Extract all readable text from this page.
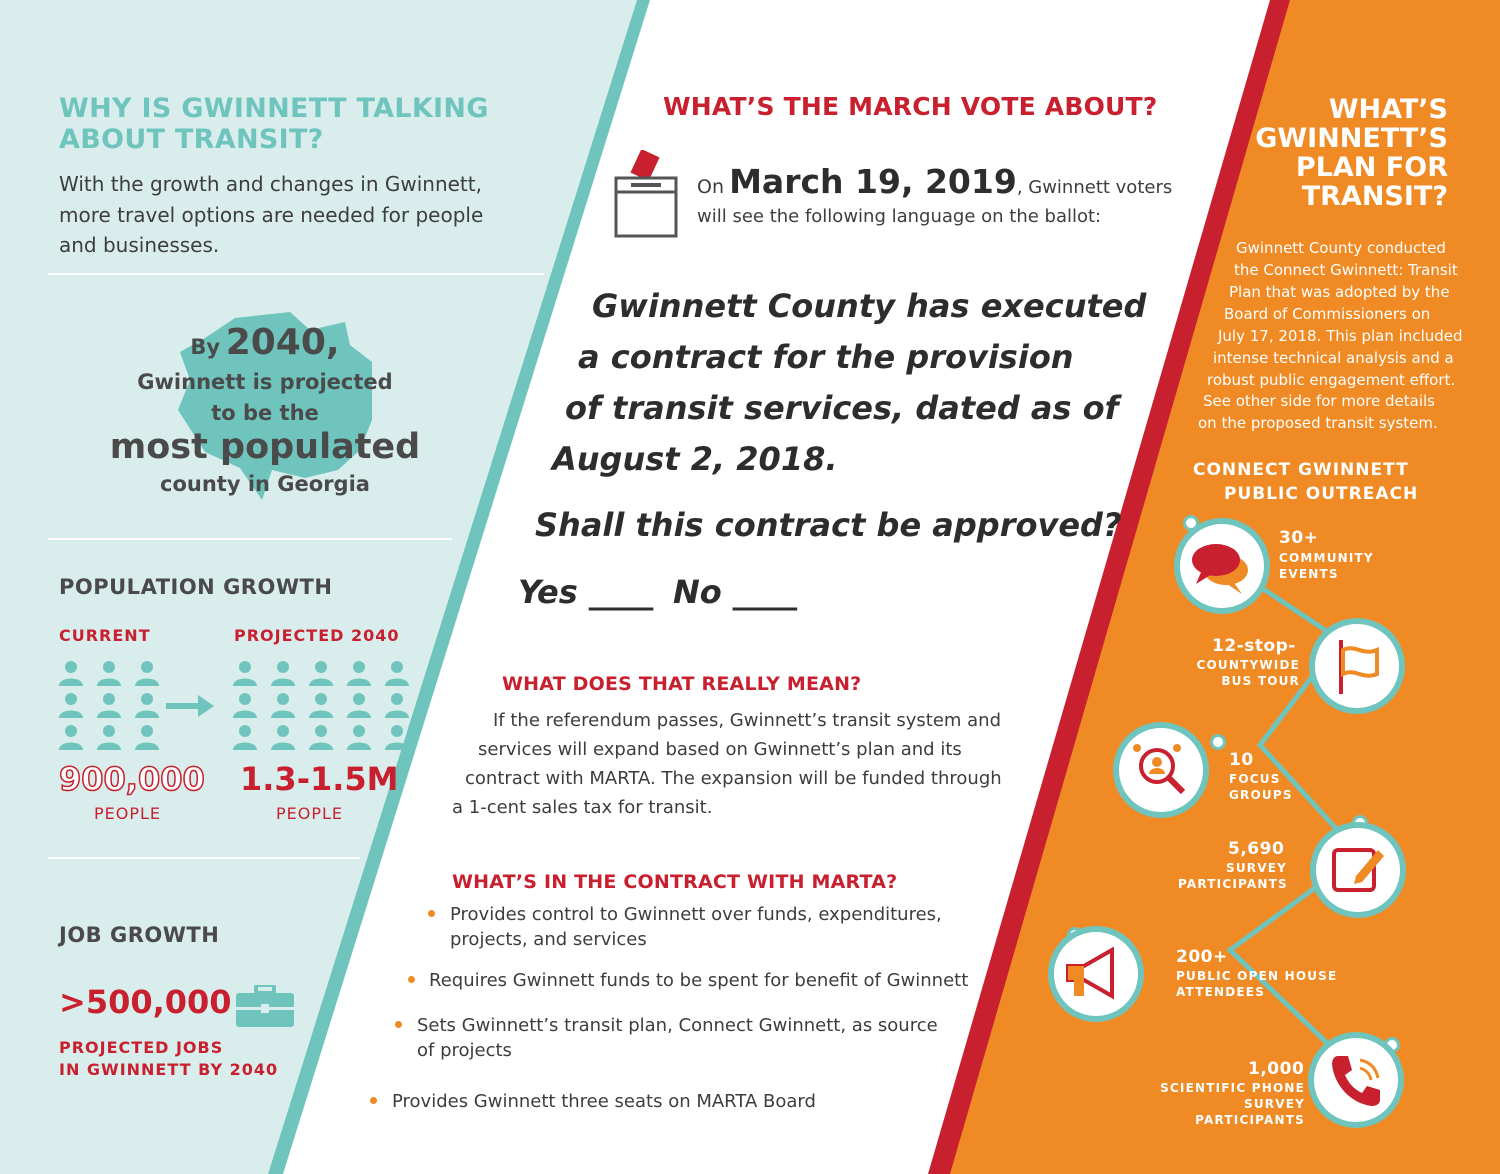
WHY IS GWINNETT TALKING
ABOUT TRANSIT?
With the growth and changes in Gwinnett,
more travel options are needed for people
and businesses.
By 2040,
Gwinnett is projected
to be the
most populated
county in Georgia
POPULATION GROWTH
CURRENT	PROJECTED 2040
900,000
PEOPLE
1.3-1.5M
PEOPLE
JOB GROWTH
>500,000
PROJECTED JOBS
IN GWINNETT BY 2040
WHAT’S THE MARCH VOTE ABOUT?
On March 19, 2019, Gwinnett voters
will see the following language on the ballot:
Gwinnett County has executed
a contract for the provision
of transit services, dated as of
August 2, 2018.
Shall this contract be approved?
Yes ____ No ____
WHAT DOES THAT REALLY MEAN?
If the referendum passes, Gwinnett’s transit system and
services will expand based on Gwinnett’s plan and its
contract with MARTA. The expansion will be funded through
a 1-cent sales tax for transit.
WHAT’S IN THE CONTRACT WITH MARTA?
Provides control to Gwinnett over funds, expenditures,
projects, and services
Requires Gwinnett funds to be spent for benefit of Gwinnett
Sets Gwinnett’s transit plan, Connect Gwinnett, as source
of projects
Provides Gwinnett three seats on MARTA Board
WHAT’S
GWINNETT’S
PLAN FOR
TRANSIT?
Gwinnett County conducted
the Connect Gwinnett: Transit
Plan that was adopted by the
Board of Commissioners on
July 17, 2018. This plan included
intense technical analysis and a
robust public engagement effort.
See other side for more details
on the proposed transit system.
CONNECT GWINNETT
PUBLIC OUTREACH
30+
COMMUNITY
EVENTS
12-stop-
COUNTYWIDE
BUS TOUR
10
FOCUS
GROUPS
5,690
SURVEY
PARTICIPANTS
200+
PUBLIC OPEN HOUSE
ATTENDEES
1,000
SCIENTIFIC PHONE
SURVEY PARTICIPANTS
